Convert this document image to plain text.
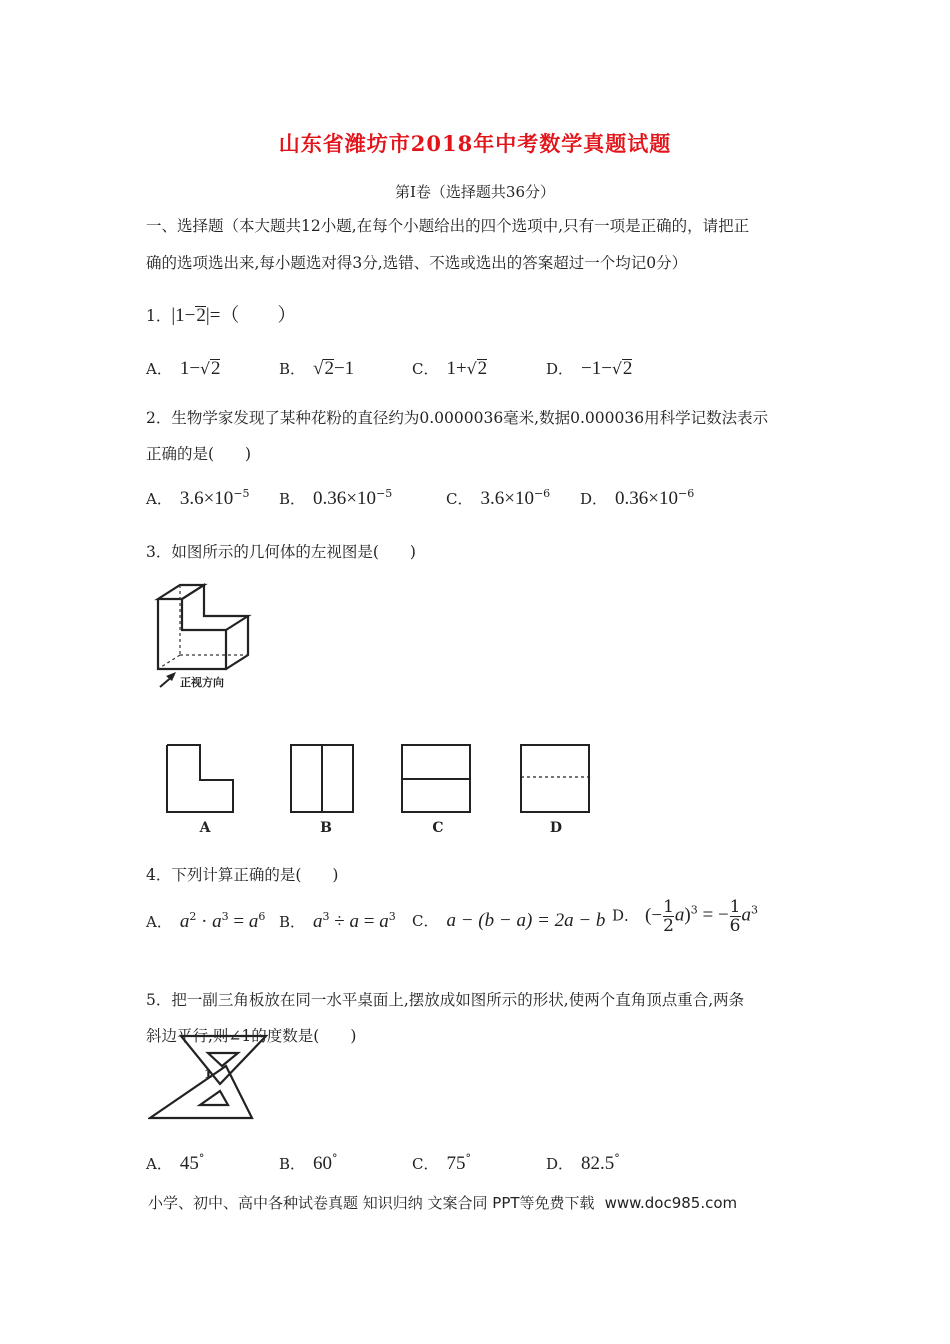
山东省潍坊市2018年中考数学真题试题
第Ⅰ卷（选择题共36分）
一、选择题（本大题共12小题,在每个小题给出的四个选项中,只有一项是正确的，请把正
确的选项选出来,每小题选对得3分,选错、不选或选出的答案超过一个均记0分）
1．|1−2|=（　　）
A． 1−√2	B． √2−1	C． 1+√2	D． −1−√2
2．生物学家发现了某种花粉的直径约为0.0000036毫米,数据0.000036用科学记数法表示
正确的是(　　)
A． $3.6\times 10^{-5}$ B． $0.36\times 10^{-5}$	C． $3.6\times 10^{-6}$ D． $0.36\times 10^{-6}$
3．如图所示的几何体的左视图是(　　)
正视方向
A	B	C	D
4．下列计算正确的是(　　)
A． $a^2 \cdot a^3 = a^6$ B． $a^3 \div a = a^3$ C． a − (b − a) = 2a − b D． (− $\frac{1}{2} a)^3$ = − $\frac{1}{6} a^3$
5．把一副三角板放在同一水平桌面上,摆放成如图所示的形状,使两个直角顶点重合,两条
斜边平行,则∠1的度数是(　　)
1
A． 45°	B． 60°	C． 75°	D． 82.5°
小学、初中、高中各种试卷真题 知识归纳 文案合同 PPT等免费下载 www.doc985.com
